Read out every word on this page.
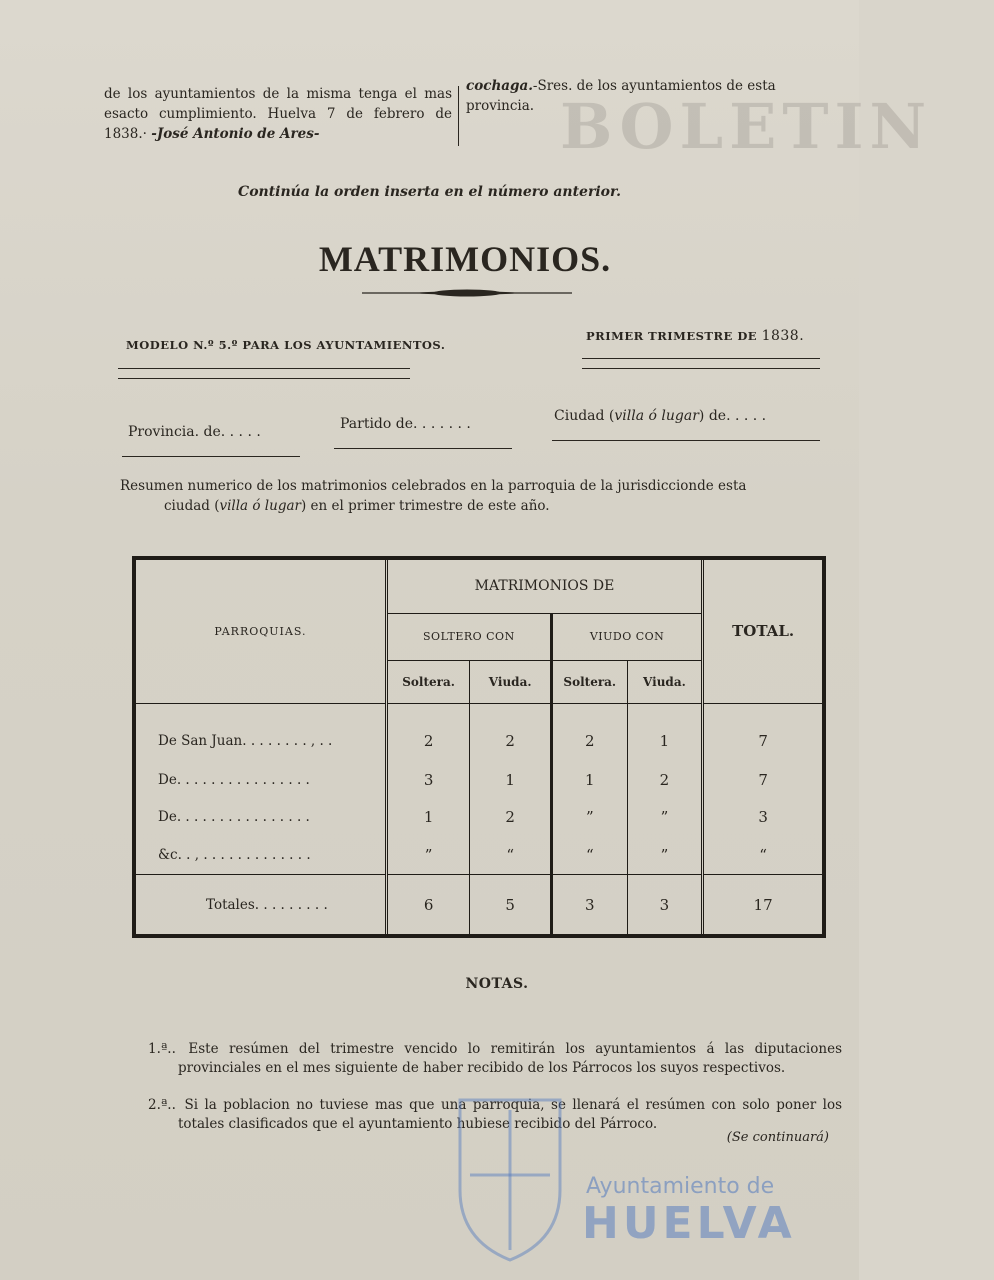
BOLETIN
de los ayuntamientos de la misma tenga el mas esacto cumplimiento. Huelva 7 de febrero de 1838.· -José Antonio de Ares-
cochaga.-Sres. de los ayuntamientos de esta provincia.
Continúa la orden inserta en el número anterior.
MATRIMONIOS.
MODELO N.º 5.º PARA LOS AYUNTAMIENTOS.
PRIMER TRIMESTRE DE 1838.
Provincia. de. . . . .	Partido de. . . . . . .	Ciudad (villa ó lugar) de. . . . .
Resumen numerico de los matrimonios celebrados en la parroquia de la jurisdiccionde esta
ciudad (villa ó lugar) en el primer trimestre de este año.
PARROQUIAS.	MATRIMONIOS DE				TOTAL.
	SOLTERO CON		VIUDO CON		
	Soltera.	Viuda.	Soltera.	Viuda.	
De San Juan. . . . . . . . , . .	2	2	2	1	7
De. . . . . . . . . . . . . . . .	3	1	1	2	7
De. . . . . . . . . . . . . . . .	1	2	”	”	3
&c. . , . . . . . . . . . . . . .	”	“	“	”	“
Totales. . . . . . . . .	6	5	3	3	17
NOTAS.
1.ª.. Este resúmen del trimestre vencido lo remitirán los ayuntamientos á las diputaciones provinciales en el mes siguiente de haber recibido de los Párrocos los suyos respectivos.
2.ª.. Si la poblacion no tuviese mas que una parroquia, se llenará el resúmen con solo poner los totales clasificados que el ayuntamiento hubiese recibido del Párroco.
(Se continuará)
Ayuntamiento de
HUELVA
